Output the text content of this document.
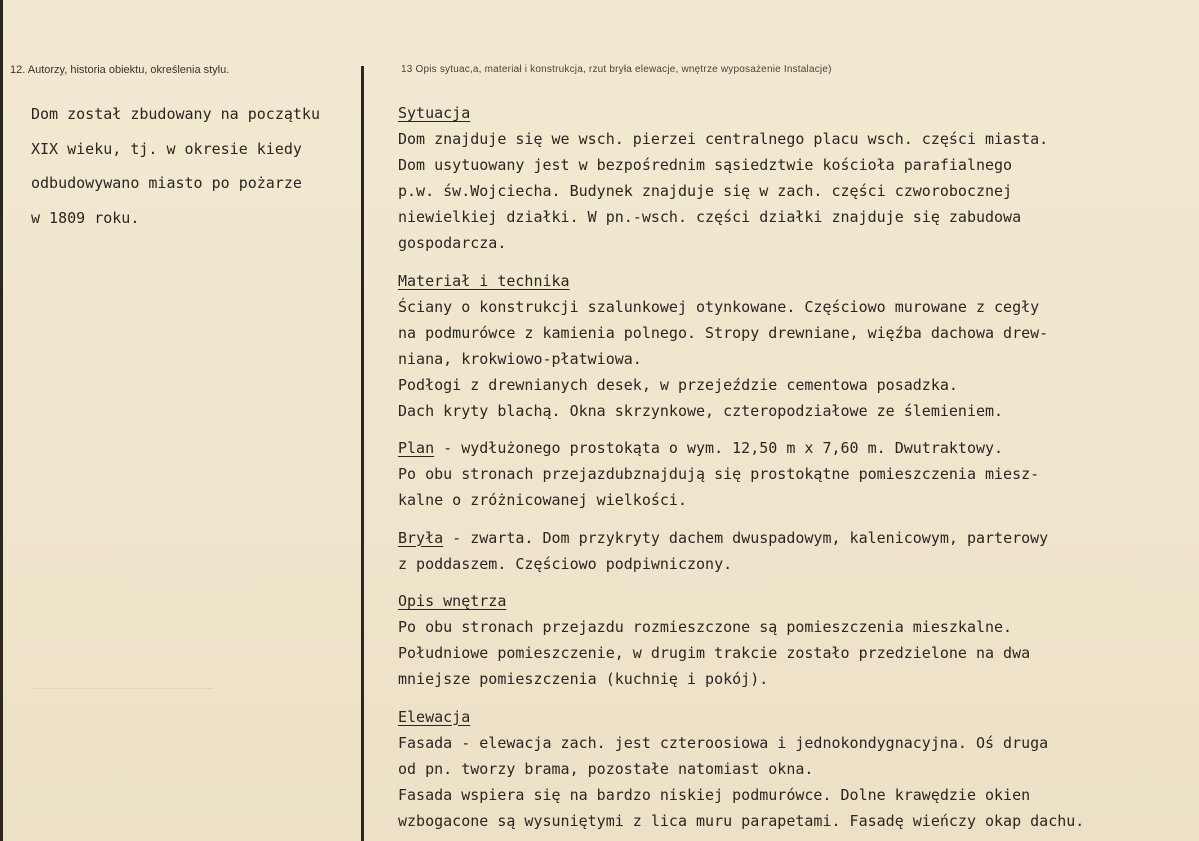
12. Autorzy, historia obiektu, określenia stylu.	13 Opis sytuac,a, materiał i konstrukcja, rzut bryła elewacje, wnętrze wyposażenie Instalacje)
Dom został zbudowany na początku
XIX wieku, tj. w okresie kiedy
odbudowywano miasto po pożarze
w 1809 roku.
Sytuacja
Dom znajduje się we wsch. pierzei centralnego placu wsch. części miasta.
Dom usytuowany jest w bezpośrednim sąsiedztwie kościoła parafialnego
p.w. św.Wojciecha. Budynek znajduje się w zach. części czworobocznej
niewielkiej działki. W pn.-wsch. części działki znajduje się zabudowa
gospodarcza.
Materiał i technika
Ściany o konstrukcji szalunkowej otynkowane. Częściowo murowane z cegły
na podmurówce z kamienia polnego. Stropy drewniane, więźba dachowa drew-
niana, krokwiowo-płatwiowa.
Podłogi z drewnianych desek, w przejeździe cementowa posadzka.
Dach kryty blachą. Okna skrzynkowe, czteropodziałowe ze ślemieniem.
Plan - wydłużonego prostokąta o wym. 12,50 m x 7,60 m. Dwutraktowy.
Po obu stronach przejazdubznajdują się prostokątne pomieszczenia miesz-
kalne o zróżnicowanej wielkości.
Bryła - zwarta. Dom przykryty dachem dwuspadowym, kalenicowym, parterowy
z poddaszem. Częściowo podpiwniczony.
Opis wnętrza
Po obu stronach przejazdu rozmieszczone są pomieszczenia mieszkalne.
Południowe pomieszczenie, w drugim trakcie zostało przedzielone na dwa
mniejsze pomieszczenia (kuchnię i pokój).
Elewacja
Fasada - elewacja zach. jest czteroosiowa i jednokondygnacyjna. Oś druga
od pn. tworzy brama, pozostałe natomiast okna.
Fasada wspiera się na bardzo niskiej podmurówce. Dolne krawędzie okien
wzbogacone są wysuniętymi z lica muru parapetami. Fasadę wieńczy okap dachu.
